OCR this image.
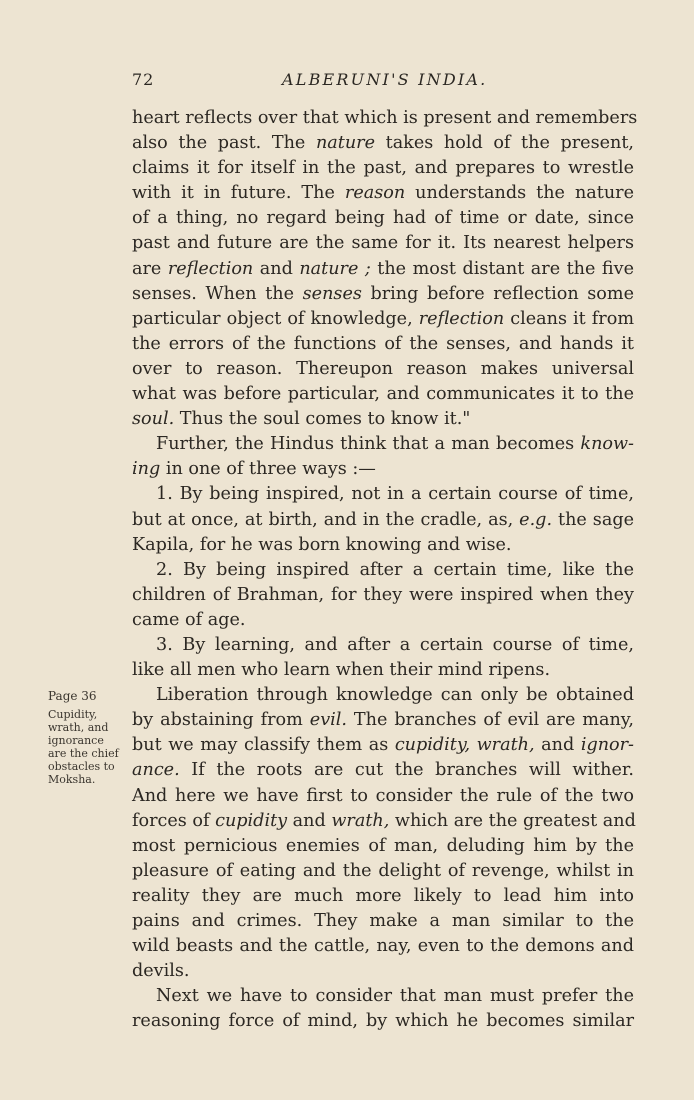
72	ALBERUNI'S INDIA.
Page 36
Cupidity,
wrath, and
ignorance
are the chief
obstacles to
Moksha.
heart reflects over that which is present and remembers
also the past. The nature takes hold of the present,
claims it for itself in the past, and prepares to wrestle
with it in future. The reason understands the nature
of a thing, no regard being had of time or date, since
past and future are the same for it. Its nearest helpers
are reflection and nature ; the most distant are the five
senses. When the senses bring before reflection some
particular object of knowledge, reflection cleans it from
the errors of the functions of the senses, and hands it
over to reason. Thereupon reason makes universal
what was before particular, and communicates it to the
soul. Thus the soul comes to know it."
Further, the Hindus think that a man becomes know-
ing in one of three ways :—
1. By being inspired, not in a certain course of time,
but at once, at birth, and in the cradle, as, e.g. the sage
Kapila, for he was born knowing and wise.
2. By being inspired after a certain time, like the
children of Brahman, for they were inspired when they
came of age.
3. By learning, and after a certain course of time,
like all men who learn when their mind ripens.
Liberation through knowledge can only be obtained
by abstaining from evil. The branches of evil are many,
but we may classify them as cupidity, wrath, and ignor-
ance. If the roots are cut the branches will wither.
And here we have first to consider the rule of the two
forces of cupidity and wrath, which are the greatest and
most pernicious enemies of man, deluding him by the
pleasure of eating and the delight of revenge, whilst in
reality they are much more likely to lead him into
pains and crimes. They make a man similar to the
wild beasts and the cattle, nay, even to the demons and
devils.
Next we have to consider that man must prefer the
reasoning force of mind, by which he becomes similar
